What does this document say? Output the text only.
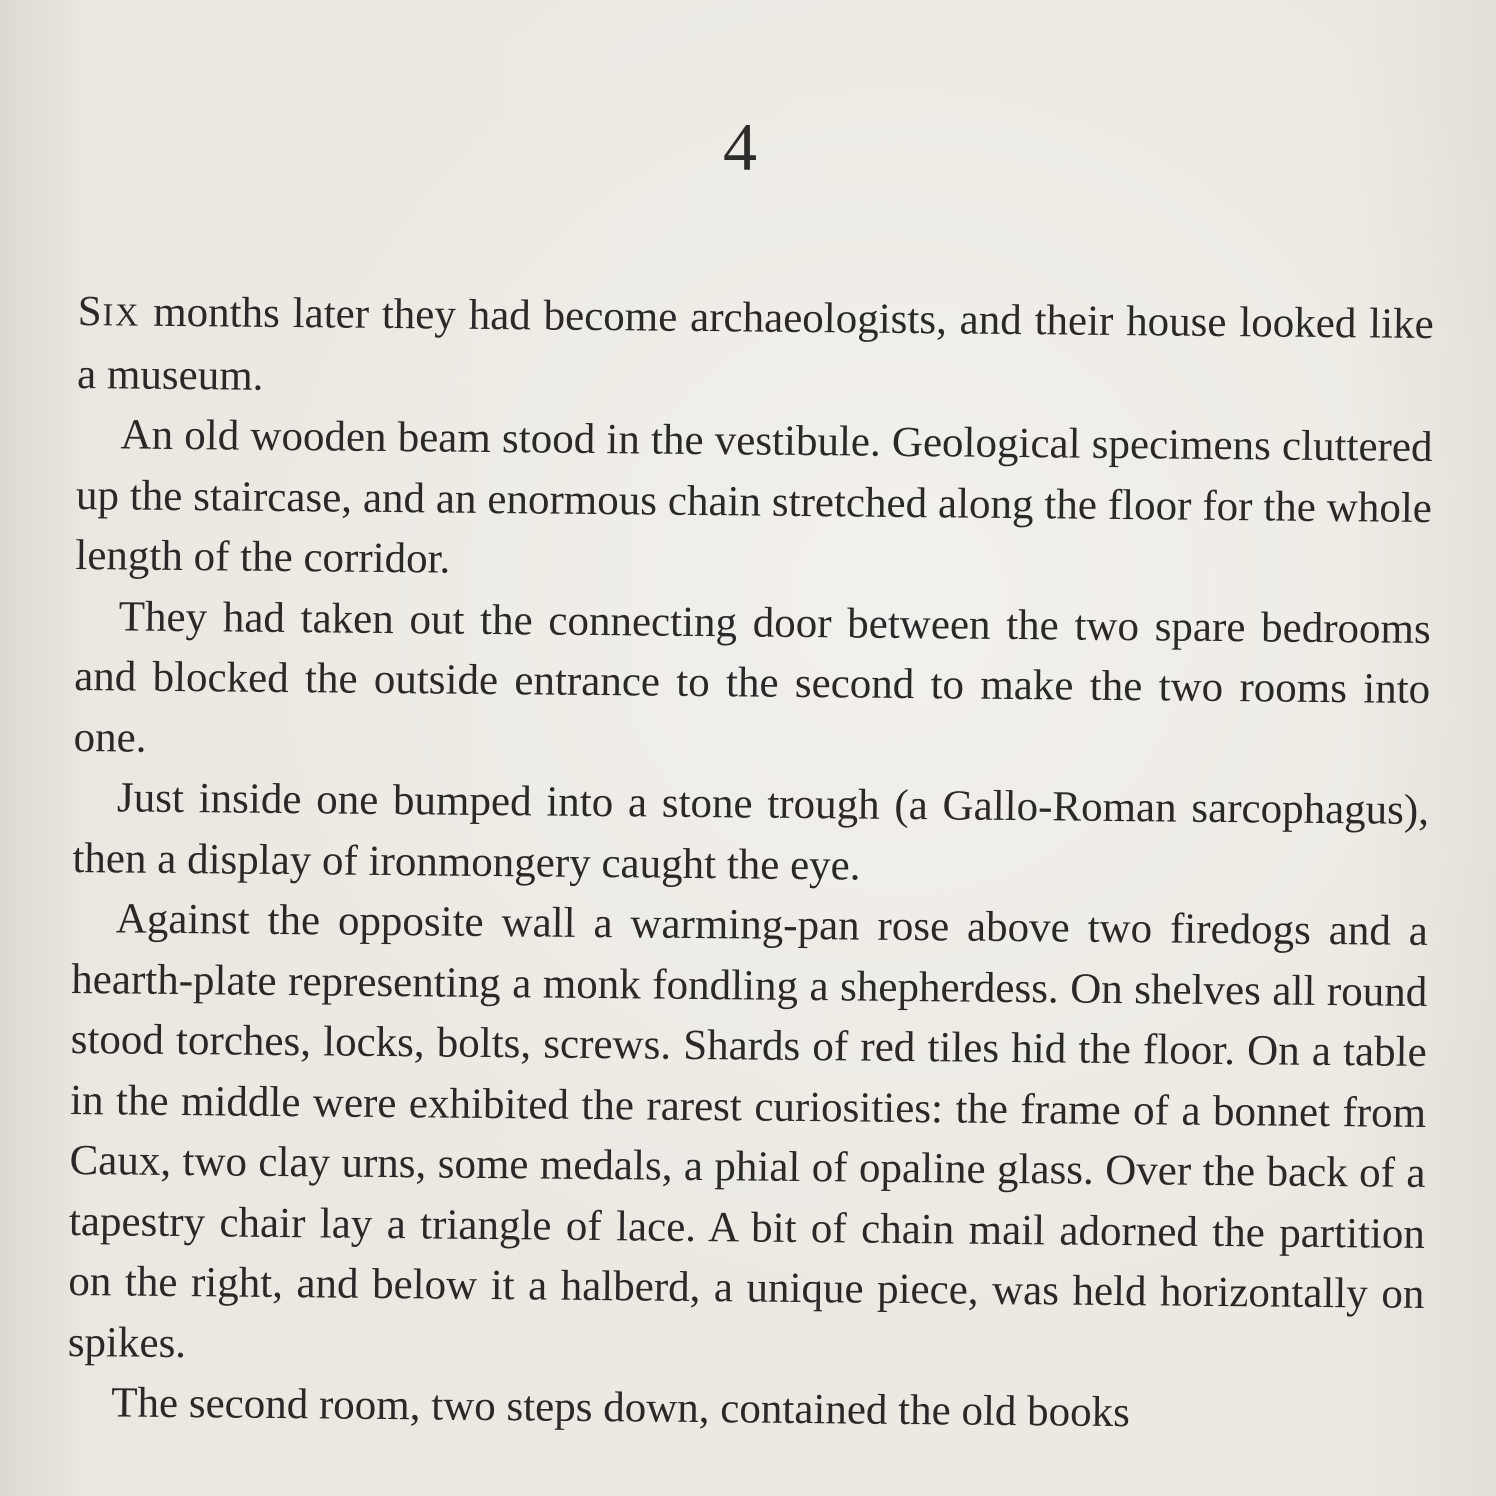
4

SIX months later they had become archaeologists, and their house looked like a museum.

An old wooden beam stood in the vestibule. Geological specimens cluttered up the staircase, and an enormous chain stretched along the floor for the whole length of the corridor.

They had taken out the connecting door between the two spare bedrooms and blocked the outside entrance to the second to make the two rooms into one.

Just inside one bumped into a stone trough (a Gallo-Roman sarcophagus), then a display of ironmongery caught the eye.

Against the opposite wall a warming-pan rose above two firedogs and a hearth-plate representing a monk fondling a shepherdess. On shelves all round stood torches, locks, bolts, screws. Shards of red tiles hid the floor. On a table in the middle were exhibited the rarest curiosities: the frame of a bonnet from Caux, two clay urns, some medals, a phial of opaline glass. Over the back of a tapestry chair lay a triangle of lace. A bit of chain mail adorned the partition on the right, and below it a halberd, a unique piece, was held horizontally on spikes.

The second room, two steps down, contained the old books
